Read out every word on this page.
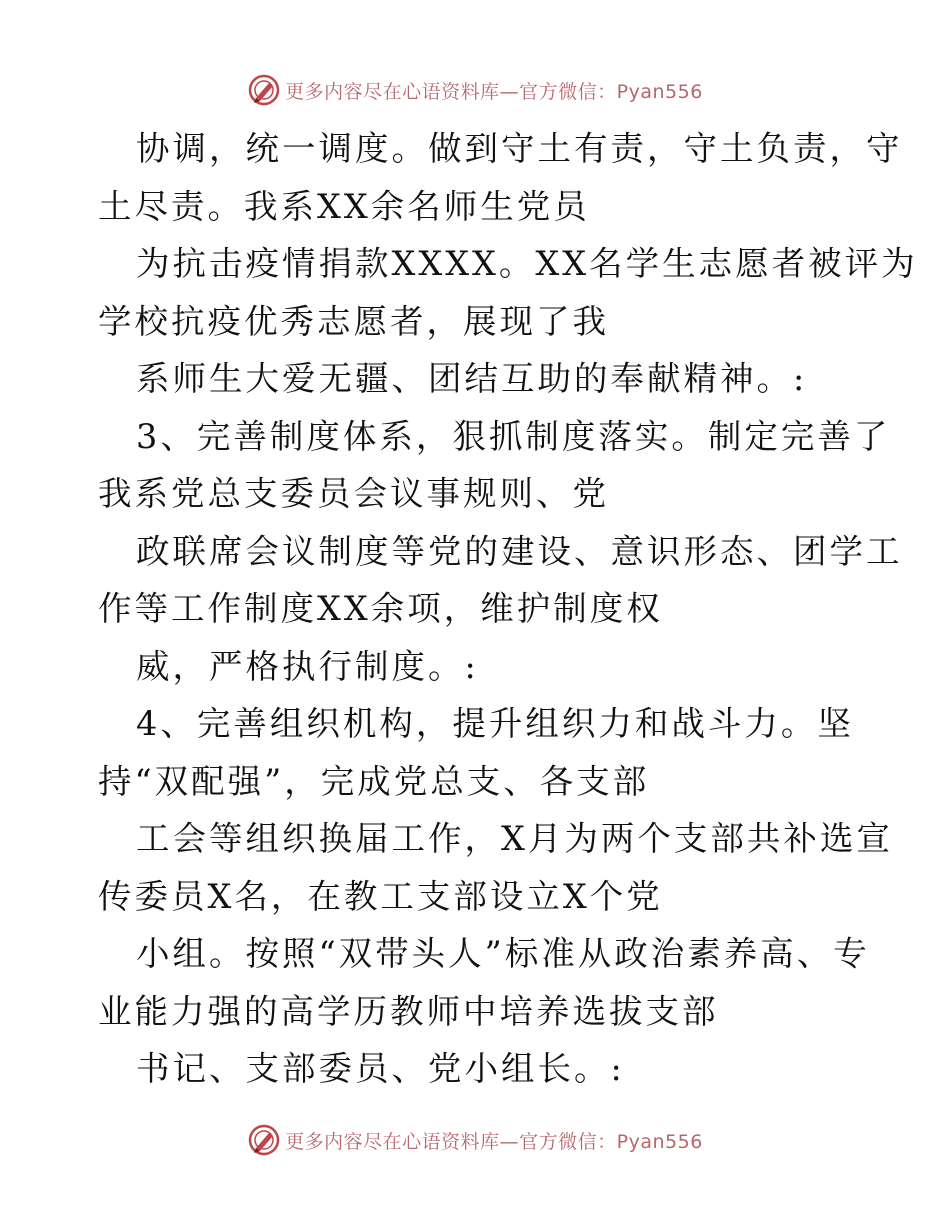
更多内容尽在心语资料库—官方微信：Pyan556
协调，统一调度。做到守土有责，守土负责，守
土尽责。我系XX余名师生党员
为抗击疫情捐款XXXX。XX名学生志愿者被评为
学校抗疫优秀志愿者，展现了我
系师生大爱无疆、团结互助的奉献精神。:
3、完善制度体系，狠抓制度落实。制定完善了
我系党总支委员会议事规则、党
政联席会议制度等党的建设、意识形态、团学工
作等工作制度XX余项，维护制度权
威，严格执行制度。:
4、完善组织机构，提升组织力和战斗力。坚
持“双配强”，完成党总支、各支部
工会等组织换届工作，X月为两个支部共补选宣
传委员X名，在教工支部设立X个党
小组。按照“双带头人”标准从政治素养高、专
业能力强的高学历教师中培养选拔支部
书记、支部委员、党小组长。:
更多内容尽在心语资料库—官方微信：Pyan556
